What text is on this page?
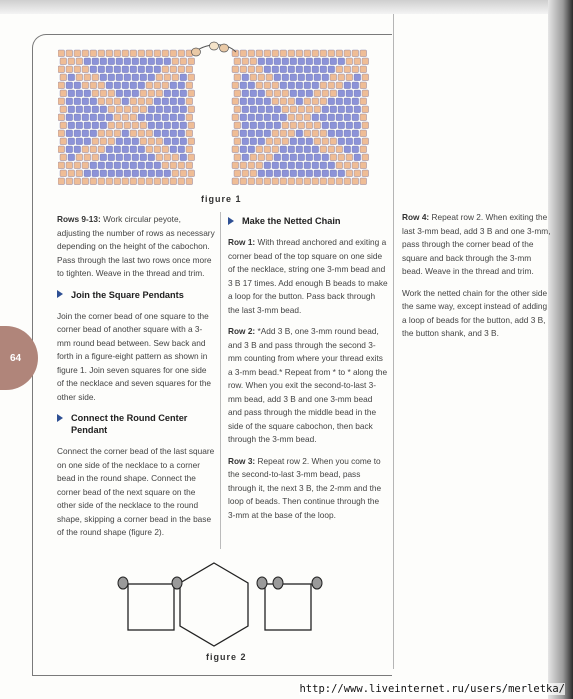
64
figure 1

Rows 9-13: Work circular peyote, adjusting the number of rows as necessary depending on the height of the cabochon. Pass through the last two rows once more to tighten. Weave in the thread and trim.

Join the Square Pendants

Join the corner bead of one square to the corner bead of another square with a 3-mm round bead between. Sew back and forth in a figure-eight pattern as shown in figure 1. Join seven squares for one side of the necklace and seven squares for the other side.

Connect the Round Center Pendant

Connect the corner bead of the last square on one side of the necklace to a corner bead in the round shape. Connect the corner bead of the next square on the other side of the necklace to the round shape, skipping a corner bead in the base of the round shape (figure 2).

Make the Netted Chain

Row 1: With thread anchored and exiting a corner bead of the top square on one side of the necklace, string one 3-mm bead and 3 B 17 times. Add enough B beads to make a loop for the button. Pass back through the last 3-mm bead.

Row 2: *Add 3 B, one 3-mm round bead, and 3 B and pass through the second 3-mm counting from where your thread exits a 3-mm bead.* Repeat from * to * along the row. When you exit the second-to-last 3-mm bead, add 3 B and one 3-mm bead and pass through the middle bead in the side of the square cabochon, then back through the 3-mm bead.

Row 3: Repeat row 2. When you come to the second-to-last 3-mm bead, pass through it, the next 3 B, the 2-mm and the loop of beads. Then continue through the 3-mm at the base of the loop.

Row 4: Repeat row 2. When exiting the last 3-mm bead, add 3 B and one 3-mm, pass through the corner bead of the square and back through the 3-mm bead. Weave in the thread and trim.

Work the netted chain for the other side the same way, except instead of adding a loop of beads for the button, add 3 B, the button shank, and 3 B.

figure 2
http://www.liveinternet.ru/users/merletka/
